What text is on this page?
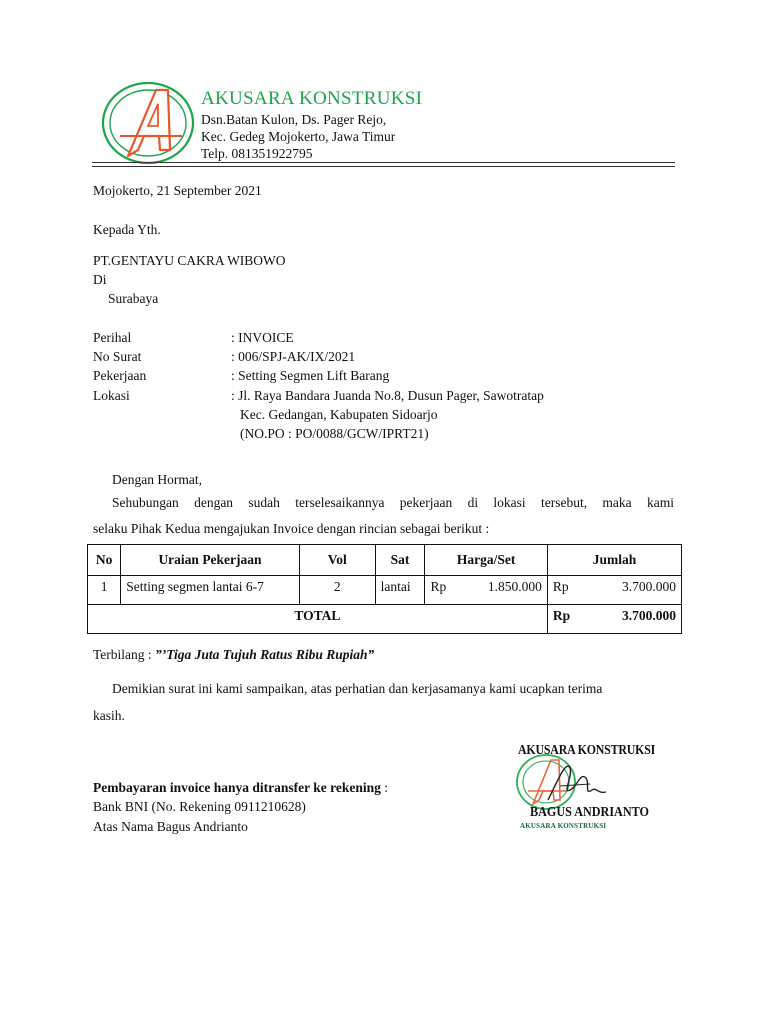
AKUSARA KONSTRUKSI
Dsn.Batan Kulon, Ds. Pager Rejo,
Kec. Gedeg Mojokerto, Jawa Timur
Telp. 081351922795
Mojokerto, 21 September 2021
Kepada Yth.
PT.GENTAYU CAKRA WIBOWO
Di
Surabaya
Perihal	: INVOICE
No Surat	: 006/SPJ-AK/IX/2021
Pekerjaan	: Setting Segmen Lift Barang
Lokasi	: Jl. Raya Bandara Juanda No.8, Dusun Pager, Sawotratap
Kec. Gedangan, Kabupaten Sidoarjo
(NO.PO : PO/0088/GCW/IPRT21)
Dengan Hormat,
Sehubungan dengan sudah terselesaikannya pekerjaan di lokasi tersebut, maka kami
selaku Pihak Kedua mengajukan Invoice dengan rincian sebagai berikut :
No	Uraian Pekerjaan	Vol	Sat	Harga/Set	Jumlah
1	Setting segmen lantai 6-7	2	lantai	Rp 1.850.000	Rp 3.700.000

TOTAL					Rp 3.700.000
Terbilang : ”’Tiga Juta Tujuh Ratus Ribu Rupiah”
Demikian surat ini kami sampaikan, atas perhatian dan kerjasamanya kami ucapkan terima
kasih.
Pembayaran invoice hanya ditransfer ke rekening :
Bank BNI (No. Rekening 0911210628)
Atas Nama Bagus Andrianto
AKUSARA KONSTRUKSI
BAGUS ANDRIANTO
AKUSARA KONSTRUKSI
